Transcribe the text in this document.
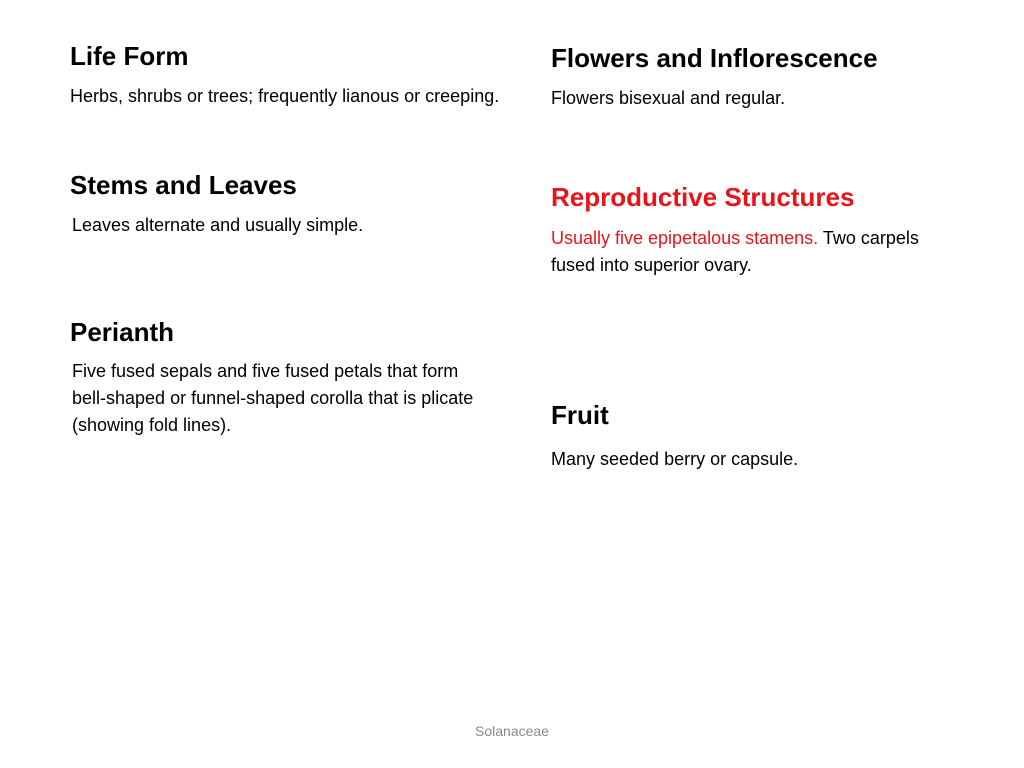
Life Form

Herbs, shrubs or trees; frequently lianous or creeping.

Stems and Leaves

Leaves alternate and usually simple.

Perianth

Five fused sepals and five fused petals that form bell-shaped or funnel-shaped corolla that is plicate (showing fold lines).

Flowers and Inflorescence

Flowers bisexual and regular.

Reproductive Structures

Usually five epipetalous stamens. Two carpels fused into superior ovary.

Fruit

Many seeded berry or capsule.

Solanaceae
